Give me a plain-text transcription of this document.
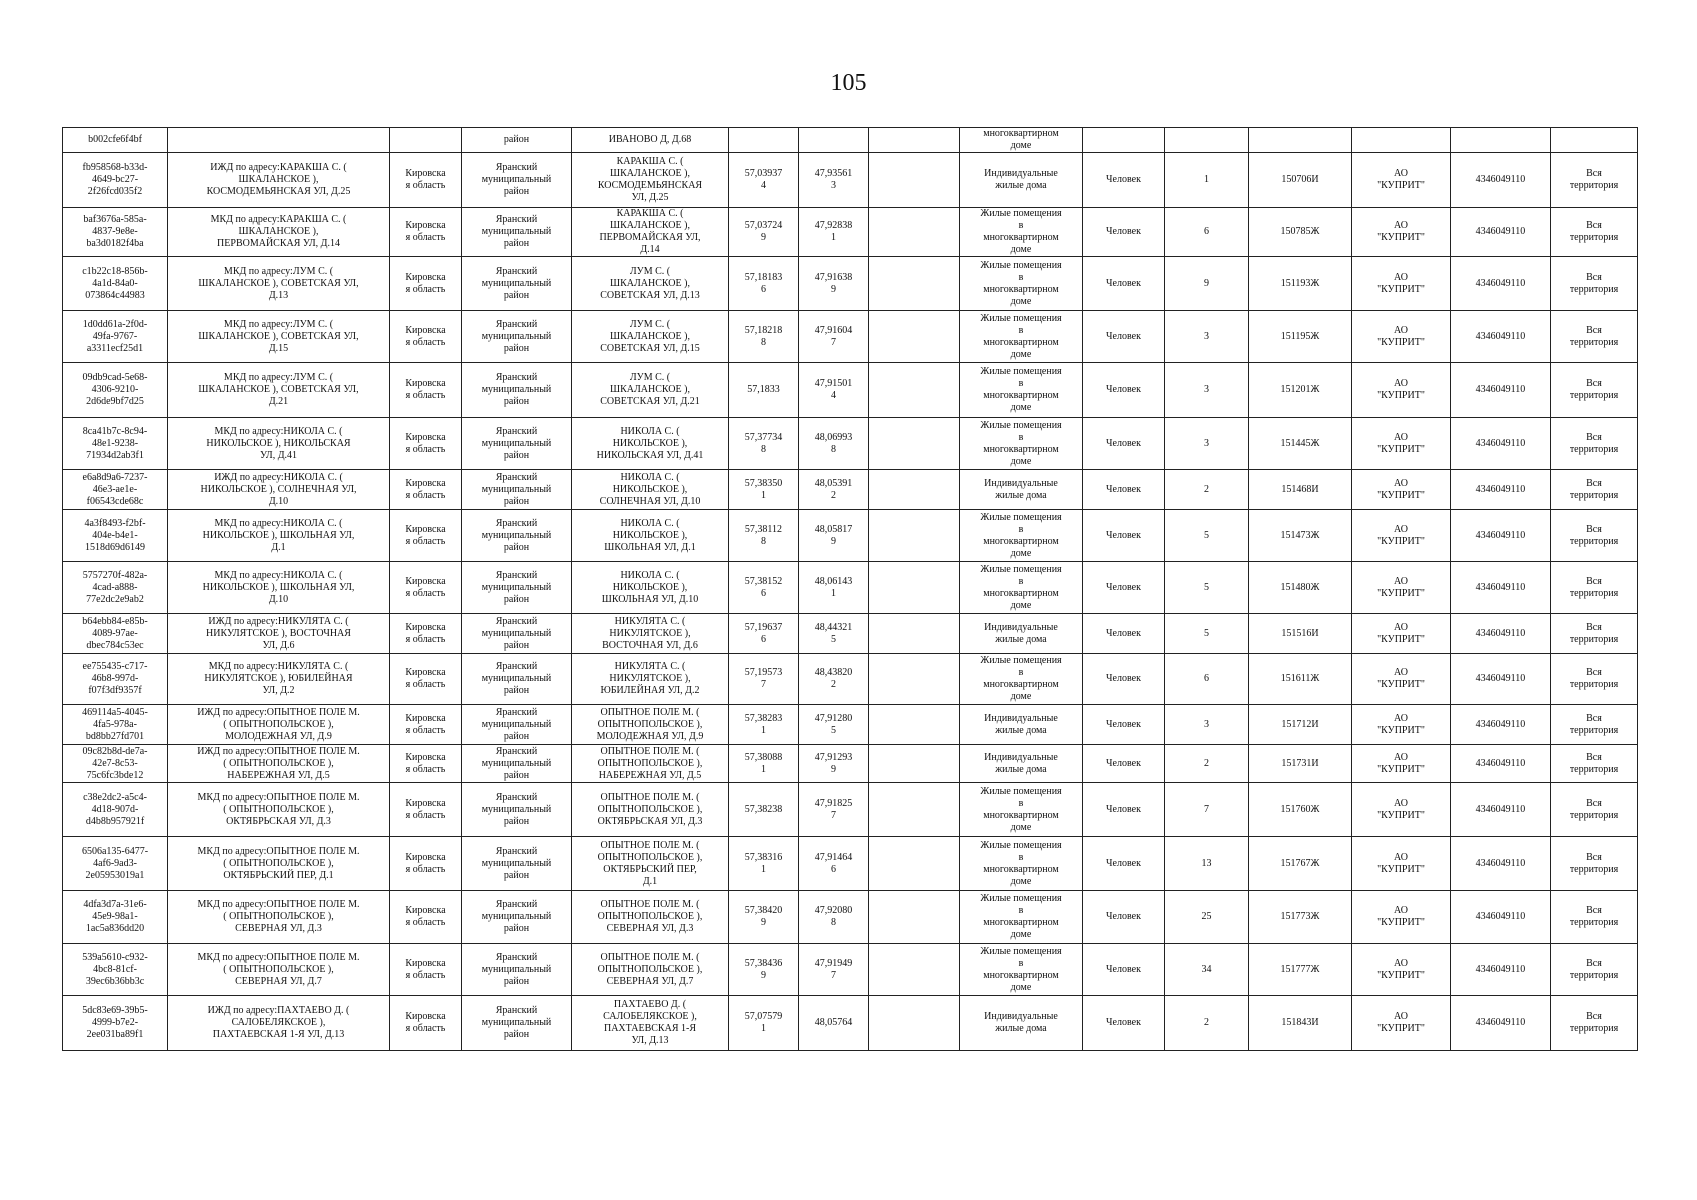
105
b002cfe6f4bf			район	ИВАНОВО Д, Д.68				многоквартирном
доме						
fb958568-b33d-
4649-bc27-
2f26fcd035f2	ИЖД по адресу:КАРАКША С. (
ШКАЛАНСКОЕ ),
КОСМОДЕМЬЯНСКАЯ УЛ, Д.25	Кировска
я область	Яранский
муниципальный
район	КАРАКША С. (
ШКАЛАНСКОЕ ),
КОСМОДЕМЬЯНСКАЯ
УЛ, Д.25	57,03937
4	47,93561
3		Индивидуальные
жилые дома	Человек	1	150706И	АО
"КУПРИТ"	4346049110	Вся
территория
baf3676a-585a-
4837-9e8e-
ba3d0182f4ba	МКД по адресу:КАРАКША С. (
ШКАЛАНСКОЕ ),
ПЕРВОМАЙСКАЯ УЛ, Д.14	Кировска
я область	Яранский
муниципальный
район	КАРАКША С. (
ШКАЛАНСКОЕ ),
ПЕРВОМАЙСКАЯ УЛ,
Д.14	57,03724
9	47,92838
1		Жилые помещения
в
многоквартирном
доме	Человек	6	150785Ж	АО
"КУПРИТ"	4346049110	Вся
территория
c1b22c18-856b-
4a1d-84a0-
073864c44983	МКД по адресу:ЛУМ С. (
ШКАЛАНСКОЕ ), СОВЕТСКАЯ УЛ,
Д.13	Кировска
я область	Яранский
муниципальный
район	ЛУМ С. (
ШКАЛАНСКОЕ ),
СОВЕТСКАЯ УЛ, Д.13	57,18183
6	47,91638
9		Жилые помещения
в
многоквартирном
доме	Человек	9	151193Ж	АО
"КУПРИТ"	4346049110	Вся
территория
1d0dd61a-2f0d-
49fa-9767-
a3311ecf25d1	МКД по адресу:ЛУМ С. (
ШКАЛАНСКОЕ ), СОВЕТСКАЯ УЛ,
Д.15	Кировска
я область	Яранский
муниципальный
район	ЛУМ С. (
ШКАЛАНСКОЕ ),
СОВЕТСКАЯ УЛ, Д.15	57,18218
8	47,91604
7		Жилые помещения
в
многоквартирном
доме	Человек	3	151195Ж	АО
"КУПРИТ"	4346049110	Вся
территория
09db9cad-5e68-
4306-9210-
2d6de9bf7d25	МКД по адресу:ЛУМ С. (
ШКАЛАНСКОЕ ), СОВЕТСКАЯ УЛ,
Д.21	Кировска
я область	Яранский
муниципальный
район	ЛУМ С. (
ШКАЛАНСКОЕ ),
СОВЕТСКАЯ УЛ, Д.21	57,1833	47,91501
4		Жилые помещения
в
многоквартирном
доме	Человек	3	151201Ж	АО
"КУПРИТ"	4346049110	Вся
территория
8ca41b7c-8c94-
48e1-9238-
71934d2ab3f1	МКД по адресу:НИКОЛА С. (
НИКОЛЬСКОЕ ), НИКОЛЬСКАЯ
УЛ, Д.41	Кировска
я область	Яранский
муниципальный
район	НИКОЛА С. (
НИКОЛЬСКОЕ ),
НИКОЛЬСКАЯ УЛ, Д.41	57,37734
8	48,06993
8		Жилые помещения
в
многоквартирном
доме	Человек	3	151445Ж	АО
"КУПРИТ"	4346049110	Вся
территория
e6a8d9a6-7237-
46e3-ae1e-
f06543cde68c	ИЖД по адресу:НИКОЛА С. (
НИКОЛЬСКОЕ ), СОЛНЕЧНАЯ УЛ,
Д.10	Кировска
я область	Яранский
муниципальный
район	НИКОЛА С. (
НИКОЛЬСКОЕ ),
СОЛНЕЧНАЯ УЛ, Д.10	57,38350
1	48,05391
2		Индивидуальные
жилые дома	Человек	2	151468И	АО
"КУПРИТ"	4346049110	Вся
территория
4a3f8493-f2bf-
404e-b4e1-
1518d69d6149	МКД по адресу:НИКОЛА С. (
НИКОЛЬСКОЕ ), ШКОЛЬНАЯ УЛ,
Д.1	Кировска
я область	Яранский
муниципальный
район	НИКОЛА С. (
НИКОЛЬСКОЕ ),
ШКОЛЬНАЯ УЛ, Д.1	57,38112
8	48,05817
9		Жилые помещения
в
многоквартирном
доме	Человек	5	151473Ж	АО
"КУПРИТ"	4346049110	Вся
территория
5757270f-482a-
4cad-a888-
77e2dc2e9ab2	МКД по адресу:НИКОЛА С. (
НИКОЛЬСКОЕ ), ШКОЛЬНАЯ УЛ,
Д.10	Кировска
я область	Яранский
муниципальный
район	НИКОЛА С. (
НИКОЛЬСКОЕ ),
ШКОЛЬНАЯ УЛ, Д.10	57,38152
6	48,06143
1		Жилые помещения
в
многоквартирном
доме	Человек	5	151480Ж	АО
"КУПРИТ"	4346049110	Вся
территория
b64ebb84-e85b-
4089-97ae-
dbec784c53ec	ИЖД по адресу:НИКУЛЯТА С. (
НИКУЛЯТСКОЕ ), ВОСТОЧНАЯ
УЛ, Д.6	Кировска
я область	Яранский
муниципальный
район	НИКУЛЯТА С. (
НИКУЛЯТСКОЕ ),
ВОСТОЧНАЯ УЛ, Д.6	57,19637
6	48,44321
5		Индивидуальные
жилые дома	Человек	5	151516И	АО
"КУПРИТ"	4346049110	Вся
территория
ee755435-c717-
46b8-997d-
f07f3df9357f	МКД по адресу:НИКУЛЯТА С. (
НИКУЛЯТСКОЕ ), ЮБИЛЕЙНАЯ
УЛ, Д.2	Кировска
я область	Яранский
муниципальный
район	НИКУЛЯТА С. (
НИКУЛЯТСКОЕ ),
ЮБИЛЕЙНАЯ УЛ, Д.2	57,19573
7	48,43820
2		Жилые помещения
в
многоквартирном
доме	Человек	6	151611Ж	АО
"КУПРИТ"	4346049110	Вся
территория
469114a5-4045-
4fa5-978a-
bd8bb27fd701	ИЖД по адресу:ОПЫТНОЕ ПОЛЕ М.
( ОПЫТНОПОЛЬСКОЕ ),
МОЛОДЕЖНАЯ УЛ, Д.9	Кировска
я область	Яранский
муниципальный
район	ОПЫТНОЕ ПОЛЕ М. (
ОПЫТНОПОЛЬСКОЕ ),
МОЛОДЕЖНАЯ УЛ, Д.9	57,38283
1	47,91280
5		Индивидуальные
жилые дома	Человек	3	151712И	АО
"КУПРИТ"	4346049110	Вся
территория
09c82b8d-de7a-
42e7-8c53-
75c6fc3bde12	ИЖД по адресу:ОПЫТНОЕ ПОЛЕ М.
( ОПЫТНОПОЛЬСКОЕ ),
НАБЕРЕЖНАЯ УЛ, Д.5	Кировска
я область	Яранский
муниципальный
район	ОПЫТНОЕ ПОЛЕ М. (
ОПЫТНОПОЛЬСКОЕ ),
НАБЕРЕЖНАЯ УЛ, Д.5	57,38088
1	47,91293
9		Индивидуальные
жилые дома	Человек	2	151731И	АО
"КУПРИТ"	4346049110	Вся
территория
c38e2dc2-a5c4-
4d18-907d-
d4b8b957921f	МКД по адресу:ОПЫТНОЕ ПОЛЕ М.
( ОПЫТНОПОЛЬСКОЕ ),
ОКТЯБРЬСКАЯ УЛ, Д.3	Кировска
я область	Яранский
муниципальный
район	ОПЫТНОЕ ПОЛЕ М. (
ОПЫТНОПОЛЬСКОЕ ),
ОКТЯБРЬСКАЯ УЛ, Д.3	57,38238	47,91825
7		Жилые помещения
в
многоквартирном
доме	Человек	7	151760Ж	АО
"КУПРИТ"	4346049110	Вся
территория
6506a135-6477-
4af6-9ad3-
2e05953019a1	МКД по адресу:ОПЫТНОЕ ПОЛЕ М.
( ОПЫТНОПОЛЬСКОЕ ),
ОКТЯБРЬСКИЙ ПЕР, Д.1	Кировска
я область	Яранский
муниципальный
район	ОПЫТНОЕ ПОЛЕ М. (
ОПЫТНОПОЛЬСКОЕ ),
ОКТЯБРЬСКИЙ ПЕР,
Д.1	57,38316
1	47,91464
6		Жилые помещения
в
многоквартирном
доме	Человек	13	151767Ж	АО
"КУПРИТ"	4346049110	Вся
территория
4dfa3d7a-31e6-
45e9-98a1-
1ac5a836dd20	МКД по адресу:ОПЫТНОЕ ПОЛЕ М.
( ОПЫТНОПОЛЬСКОЕ ),
СЕВЕРНАЯ УЛ, Д.3	Кировска
я область	Яранский
муниципальный
район	ОПЫТНОЕ ПОЛЕ М. (
ОПЫТНОПОЛЬСКОЕ ),
СЕВЕРНАЯ УЛ, Д.3	57,38420
9	47,92080
8		Жилые помещения
в
многоквартирном
доме	Человек	25	151773Ж	АО
"КУПРИТ"	4346049110	Вся
территория
539a5610-c932-
4bc8-81cf-
39ec6b36bb3c	МКД по адресу:ОПЫТНОЕ ПОЛЕ М.
( ОПЫТНОПОЛЬСКОЕ ),
СЕВЕРНАЯ УЛ, Д.7	Кировска
я область	Яранский
муниципальный
район	ОПЫТНОЕ ПОЛЕ М. (
ОПЫТНОПОЛЬСКОЕ ),
СЕВЕРНАЯ УЛ, Д.7	57,38436
9	47,91949
7		Жилые помещения
в
многоквартирном
доме	Человек	34	151777Ж	АО
"КУПРИТ"	4346049110	Вся
территория
5dc83e69-39b5-
4999-b7e2-
2ee031ba89f1	ИЖД по адресу:ПАХТАЕВО Д. (
САЛОБЕЛЯКСКОЕ ),
ПАХТАЕВСКАЯ 1-Я УЛ, Д.13	Кировска
я область	Яранский
муниципальный
район	ПАХТАЕВО Д. (
САЛОБЕЛЯКСКОЕ ),
ПАХТАЕВСКАЯ 1-Я
УЛ, Д.13	57,07579
1	48,05764		Индивидуальные
жилые дома	Человек	2	151843И	АО
"КУПРИТ"	4346049110	Вся
территория
